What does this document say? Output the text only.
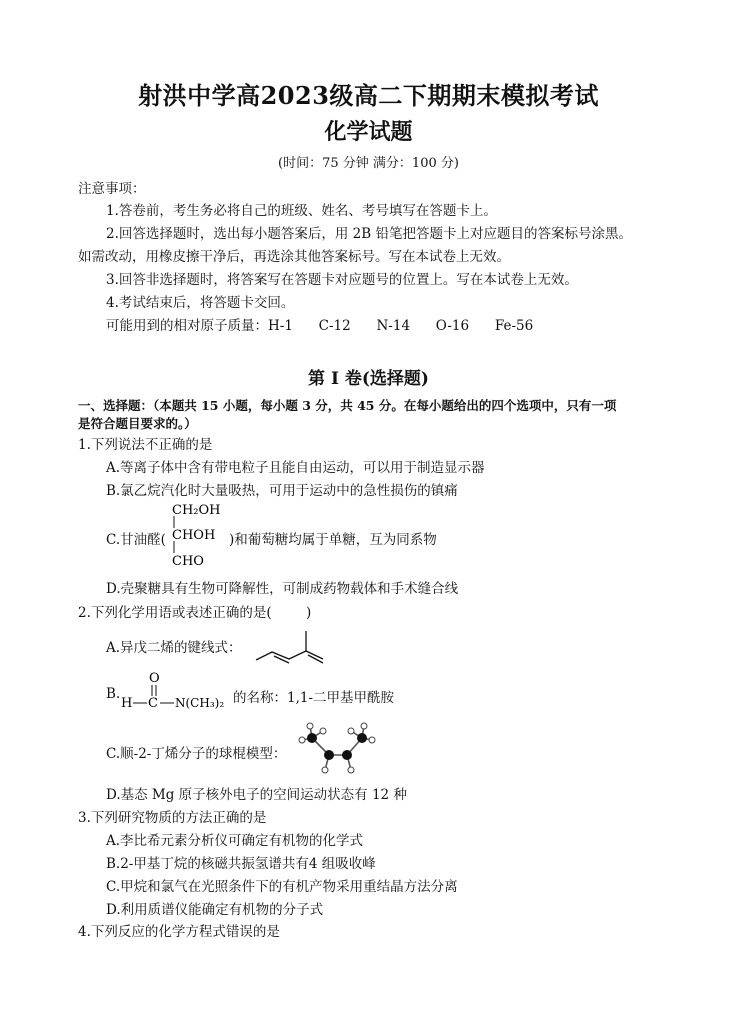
射洪中学高2023级高二下期期末模拟考试
化学试题
(时间：75 分钟 满分：100 分)
注意事项：
1.答卷前，考生务必将自己的班级、姓名、考号填写在答题卡上。
2.回答选择题时，选出每小题答案后，用 2B 铅笔把答题卡上对应题目的答案标号涂黑。
如需改动，用橡皮擦干净后，再选涂其他答案标号。写在本试卷上无效。
3.回答非选择题时，将答案写在答题卡对应题号的位置上。写在本试卷上无效。
4.考试结束后，将答题卡交回。
可能用到的相对原子质量：H-1      C-12      N-14      O-16      Fe-56
第 I 卷(选择题)
一、选择题：（本题共 15 小题，每小题 3 分，共 45 分。在每小题给出的四个选项中，只有一项
是符合题目要求的。）
1.下列说法不正确的是
A.等离子体中含有带电粒子且能自由运动，可以用于制造显示器
B.氯乙烷汽化时大量吸热，可用于运动中的急性损伤的镇痛
C.甘油醛(
CH₂OH
CHOH
CHO
)和葡萄糖均属于单糖，互为同系物
D.壳聚糖具有生物可降解性，可制成药物载体和手术缝合线
2.下列化学用语或表述正确的是(        )
A.异戊二烯的键线式：
B.
O
H C N(CH₃)₂ 的名称：1,1-二甲基甲酰胺
C.顺-2-丁烯分子的球棍模型：
D.基态 Mg 原子核外电子的空间运动状态有 12 种
3.下列研究物质的方法正确的是
A.李比希元素分析仪可确定有机物的化学式
B.2-甲基丁烷的核磁共振氢谱共有4 组吸收峰
C.甲烷和氯气在光照条件下的有机产物采用重结晶方法分离
D.利用质谱仪能确定有机物的分子式
4.下列反应的化学方程式错误的是
